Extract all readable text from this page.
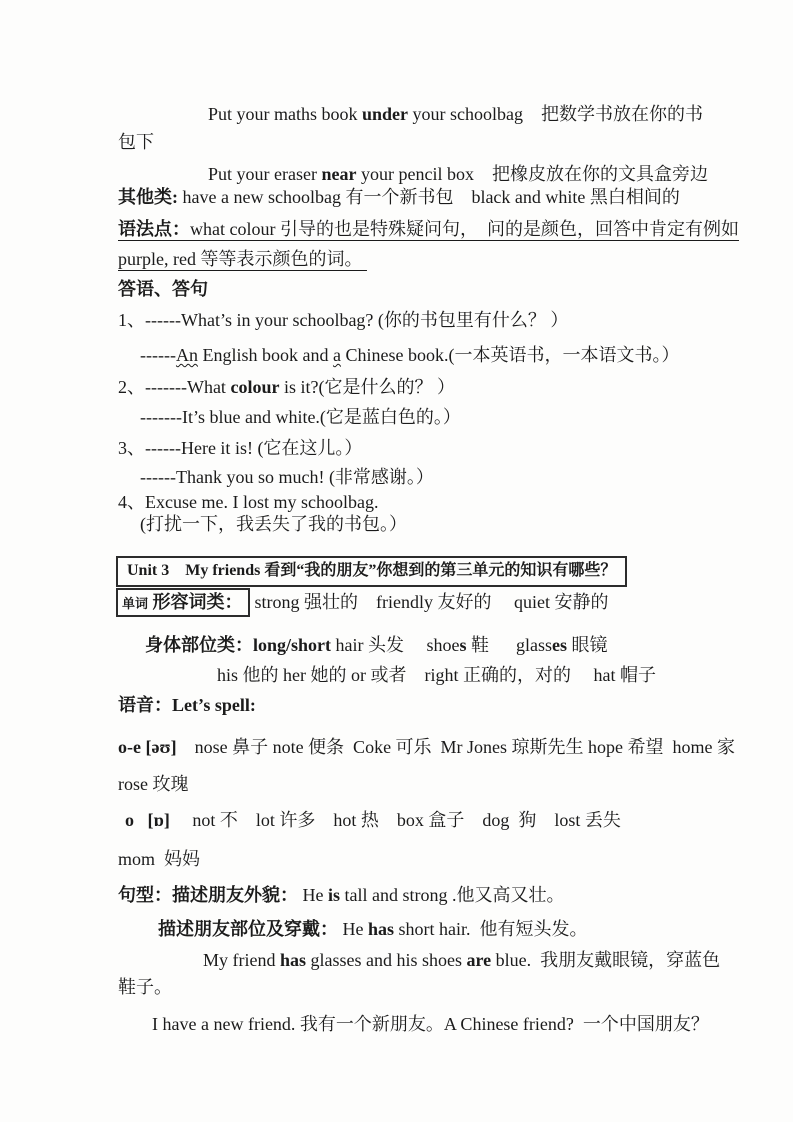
Put your maths book under your schoolbag　把数学书放在你的书
包下
Put your eraser near your pencil box　把橡皮放在你的文具盒旁边
其他类: have a new schoolbag 有一个新书包　black and white 黑白相间的
语法点：what colour 引导的也是特殊疑问句，　问的是颜色，回答中肯定有例如
purple, red 等等表示颜色的词。
答语、答句
1、------What’s in your schoolbag? (你的书包里有什么？ ）
------An English book and a Chinese book.(一本英语书，一本语文书。）
2、-------What colour is it?(它是什么的？ ）
-------It’s blue and white.(它是蓝白色的。）
3、------Here it is! (它在这儿。）
------Thank you so much! (非常感谢。）
4、Excuse me. I lost my schoolbag.
(打扰一下，我丢失了我的书包。）
Unit 3　My friends 看到“我的朋友”你想到的第三单元的知识有哪些？
单词 形容词类： strong 强壮的　friendly 友好的　 quiet 安静的
身体部位类：long/short hair 头发　 shoes 鞋　  glasses 眼镜
his 他的 her 她的 or 或者　right 正确的，对的　 hat 帽子
语音：Let’s spell:
o-e [əʊ]　nose 鼻子 note 便条  Coke 可乐  Mr Jones 琼斯先生 hope 希望  home 家
rose 玫瑰
o [ɒ]     not 不    lot 许多    hot 热    box 盒子    dog  狗    lost 丢失
mom  妈妈
句型：描述朋友外貌： He is tall and strong .他又高又壮。
描述朋友部位及穿戴： He has short hair.  他有短头发。
My friend has glasses and his shoes are blue.  我朋友戴眼镜，穿蓝色
鞋子。
I have a new friend. 我有一个新朋友。A Chinese friend?  一个中国朋友？
